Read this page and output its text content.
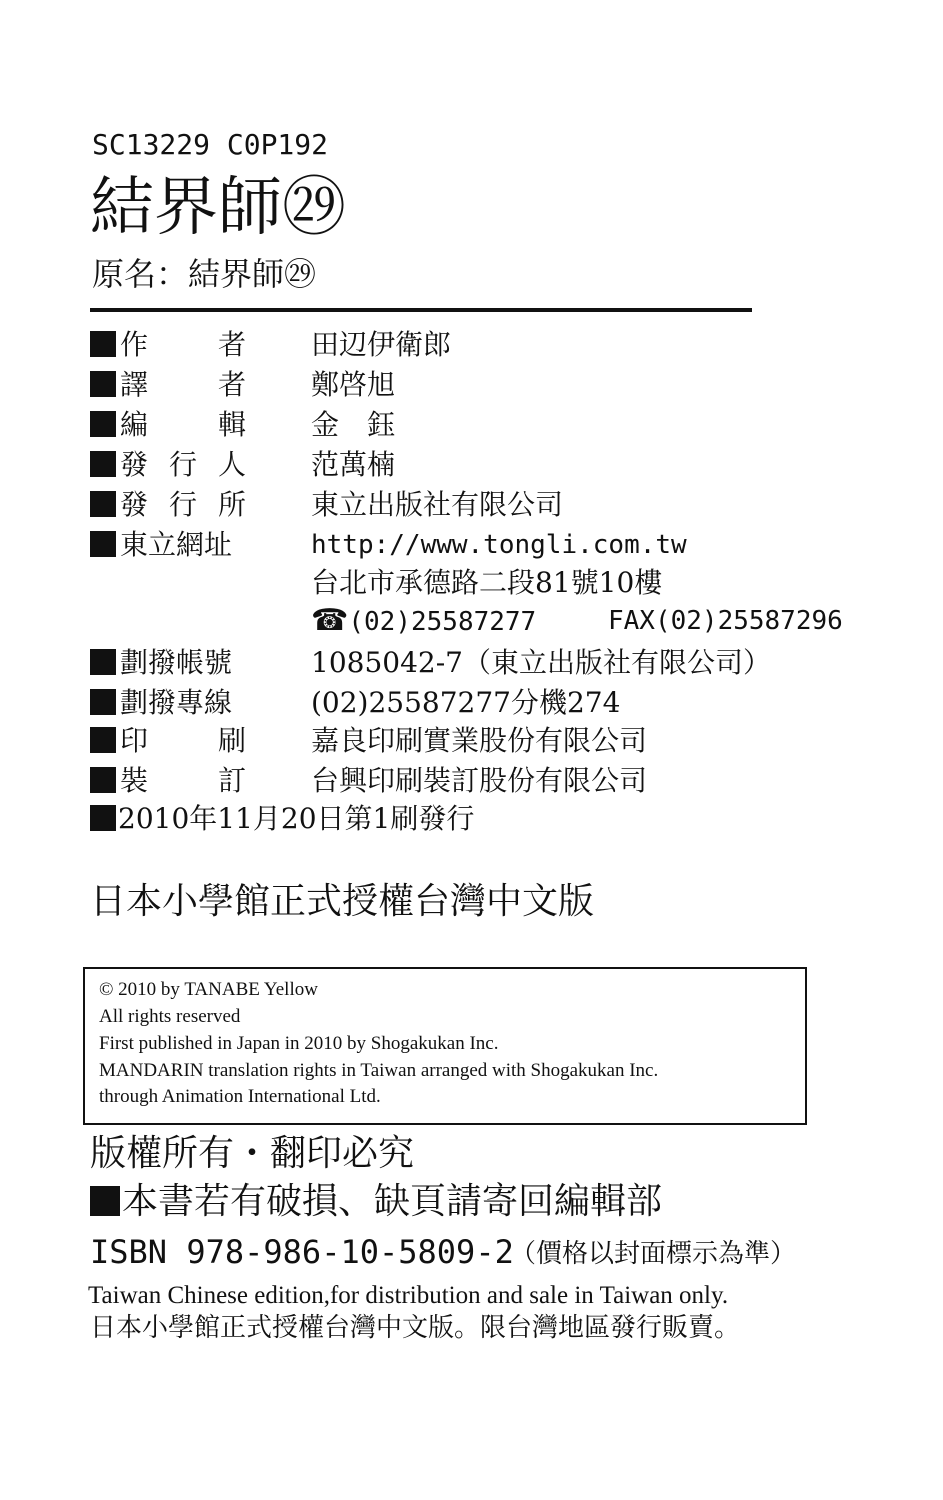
SC13229 C0P192
結界師㉙
原名：結界師㉙
作 者 田辺伊衛郎
譯 者 鄭啓旭
編 輯 金　鈺
發 行 人 范萬楠
發 行 所 東立出版社有限公司
東立網址	http://www.tongli.com.tw
台北市承德路二段81號10樓
☎(02)25587277	FAX(02)25587296
劃撥帳號	1085042-7（東立出版社有限公司）
劃撥專線	(02)25587277分機274
印 刷 嘉良印刷實業股份有限公司
裝 訂 台興印刷裝訂股份有限公司
2010年11月20日第1刷發行
日本小學館正式授權台灣中文版
© 2010 by TANABE Yellow
All rights reserved
First published in Japan in 2010 by Shogakukan Inc.
MANDARIN translation rights in Taiwan arranged with Shogakukan Inc.
through Animation International Ltd.
版權所有・翻印必究
本書若有破損、缺頁請寄回編輯部
ISBN 978-986-10-5809-2
（價格以封面標示為準）
Taiwan Chinese edition,for distribution and sale in Taiwan only.
日本小學館正式授權台灣中文版。限台灣地區發行販賣。
